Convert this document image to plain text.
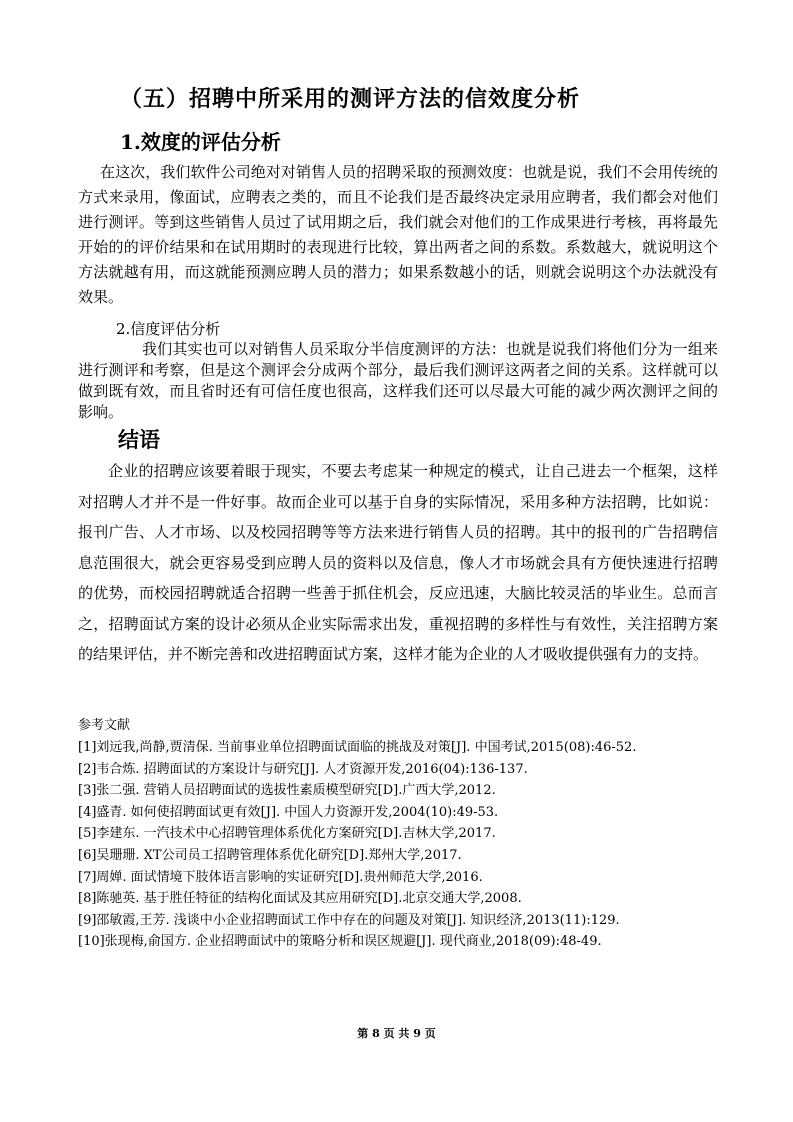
（五）招聘中所采用的测评方法的信效度分析
1.效度的评估分析

在这次，我们软件公司绝对对销售人员的招聘采取的预测效度：也就是说，我们不会用传统的方式来录用，像面试，应聘表之类的，而且不论我们是否最终决定录用应聘者，我们都会对他们进行测评。等到这些销售人员过了试用期之后，我们就会对他们的工作成果进行考核，再将最先开始的的评价结果和在试用期时的表现进行比较，算出两者之间的系数。系数越大，就说明这个方法就越有用，而这就能预测应聘人员的潜力；如果系数越小的话，则就会说明这个办法就没有效果。

2.信度评估分析

我们其实也可以对销售人员采取分半信度测评的方法：也就是说我们将他们分为一组来进行测评和考察，但是这个测评会分成两个部分，最后我们测评这两者之间的关系。这样就可以做到既有效，而且省时还有可信任度也很高，这样我们还可以尽最大可能的减少两次测评之间的影响。

结语

企业的招聘应该要着眼于现实，不要去考虑某一种规定的模式，让自己进去一个框架，这样对招聘人才并不是一件好事。故而企业可以基于自身的实际情况，采用多种方法招聘，比如说：报刊广告、人才市场、以及校园招聘等等方法来进行销售人员的招聘。其中的报刊的广告招聘信息范围很大，就会更容易受到应聘人员的资料以及信息，像人才市场就会具有方便快速进行招聘的优势，而校园招聘就适合招聘一些善于抓住机会，反应迅速，大脑比较灵活的毕业生。总而言之，招聘面试方案的设计必须从企业实际需求出发，重视招聘的多样性与有效性，关注招聘方案的结果评估，并不断完善和改进招聘面试方案，这样才能为企业的人才吸收提供强有力的支持。

参考文献
[1]刘远我,尚静,贾清保. 当前事业单位招聘面试面临的挑战及对策[J]. 中国考试,2015(08):46-52.
[2]韦合炼. 招聘面试的方案设计与研究[J]. 人才资源开发,2016(04):136-137.
[3]张二强. 营销人员招聘面试的选拔性素质模型研究[D].广西大学,2012.
[4]盛青. 如何使招聘面试更有效[J]. 中国人力资源开发,2004(10):49-53.
[5]李建东. 一汽技术中心招聘管理体系优化方案研究[D].吉林大学,2017.
[6]吴珊珊. XT公司员工招聘管理体系优化研究[D].郑州大学,2017.
[7]周婵. 面试情境下肢体语言影响的实证研究[D].贵州师范大学,2016.
[8]陈驰英. 基于胜任特征的结构化面试及其应用研究[D].北京交通大学,2008.
[9]邵敏霞,王芳. 浅谈中小企业招聘面试工作中存在的问题及对策[J]. 知识经济,2013(11):129.
[10]张现梅,俞国方. 企业招聘面试中的策略分析和误区规避[J]. 现代商业,2018(09):48-49.
第 8 页 共 9 页
